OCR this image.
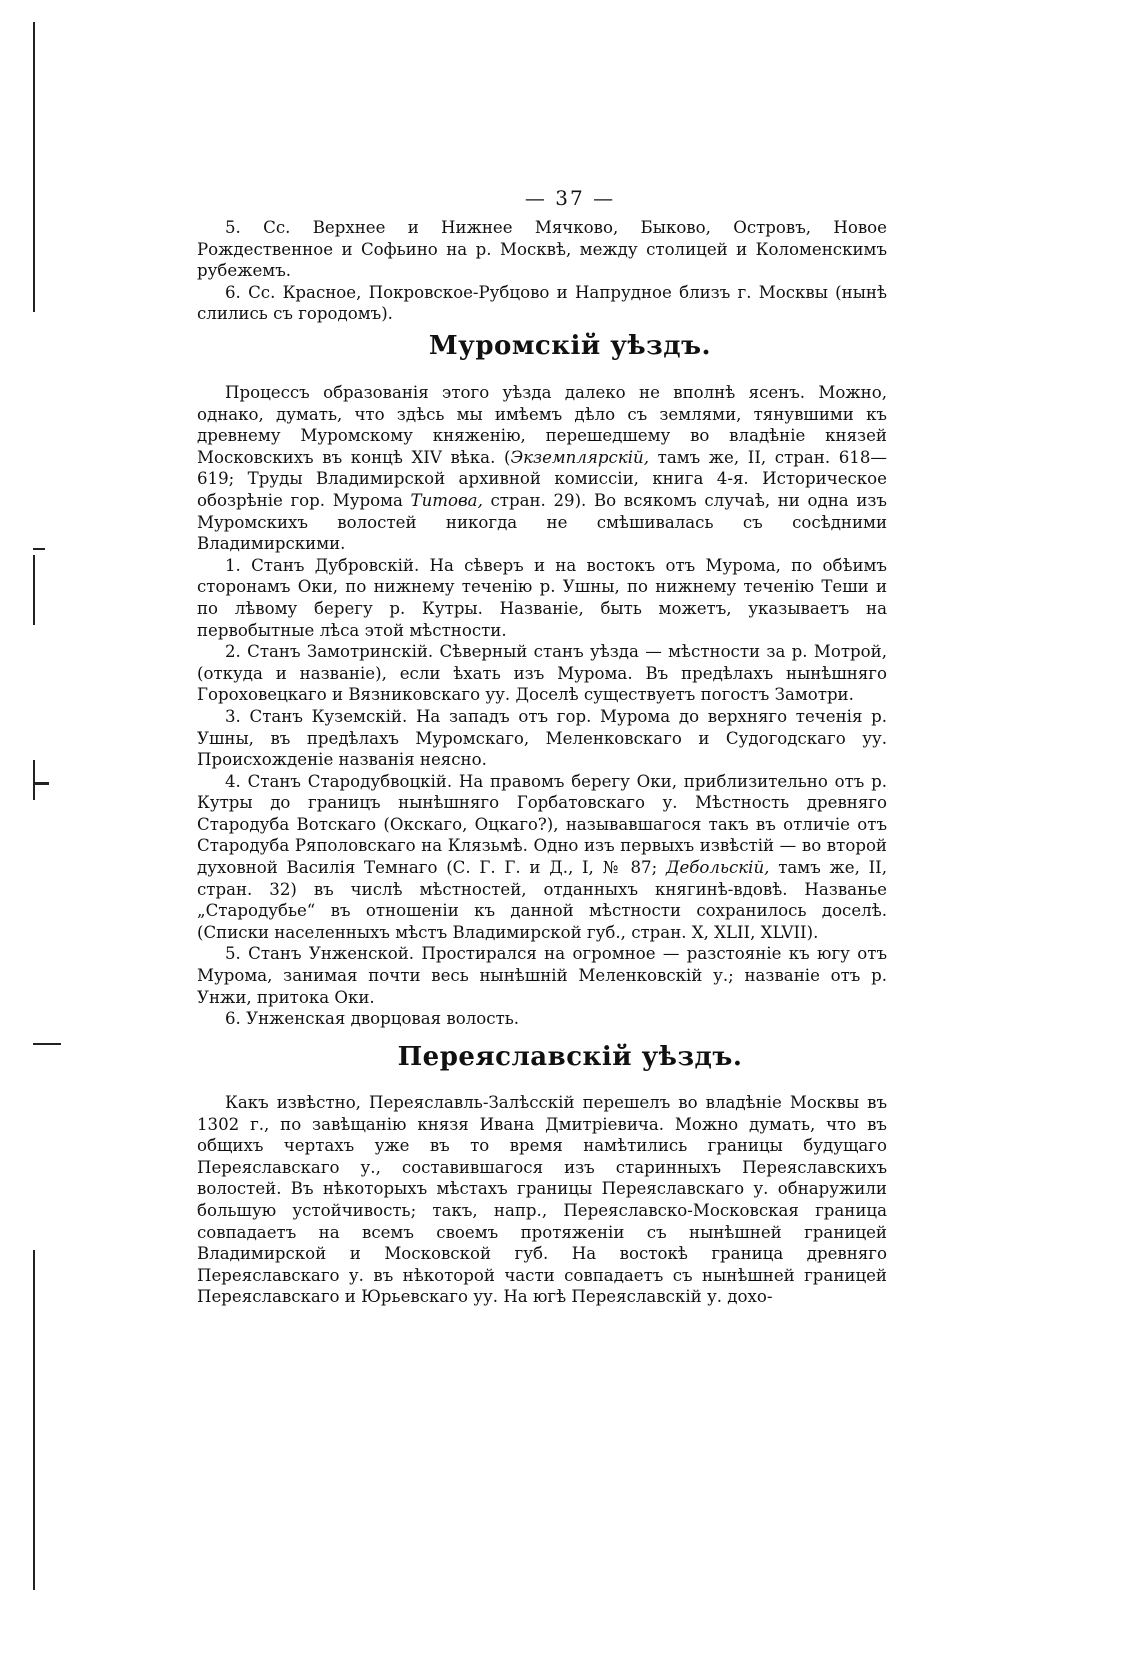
— 37 —

5. Сс. Верхнее и Нижнее Мячково, Быково, Островъ, Новое Рождественное и Софьино на р. Москвѣ, между столицей и Коломенскимъ рубежемъ.

6. Сс. Красное, Покровское-Рубцово и Напрудное близъ г. Москвы (нынѣ слились съ городомъ).

Муромскій уѣздъ.

Процессъ образованія этого уѣзда далеко не вполнѣ ясенъ. Можно, однако, думать, что здѣсь мы имѣемъ дѣло съ землями, тянувшими къ древнему Муромскому княженію, перешедшему во владѣніе князей Московскихъ въ концѣ XIV вѣка. (Экземплярскій, тамъ же, II, стран. 618—619; Труды Владимирской архивной комиссіи, книга 4-я. Историческое обозрѣніе гор. Мурома Титова, стран. 29). Во всякомъ случаѣ, ни одна изъ Муромскихъ волостей никогда не смѣшивалась съ сосѣдними Владимирскими.

1. Станъ Дубровскій. На сѣверъ и на востокъ отъ Мурома, по обѣимъ сторонамъ Оки, по нижнему теченію р. Ушны, по нижнему теченію Теши и по лѣвому берегу р. Кутры. Названіе, быть можетъ, указываетъ на первобытные лѣса этой мѣстности.

2. Станъ Замотринскій. Сѣверный станъ уѣзда — мѣстности за р. Мотрой, (откуда и названіе), если ѣхать изъ Мурома. Въ предѣлахъ нынѣшняго Гороховецкаго и Вязниковскаго уу. Доселѣ существуетъ погостъ Замотри.

3. Станъ Куземскій. На западъ отъ гор. Мурома до верхняго теченія р. Ушны, въ предѣлахъ Муромскаго, Меленковскаго и Судогодскаго уу. Происхожденіе названія неясно.

4. Станъ Стародубвоцкій. На правомъ берегу Оки, приблизительно отъ р. Кутры до границъ нынѣшняго Горбатовскаго у. Мѣстность древняго Стародуба Вотскаго (Окскаго, Оцкаго?), называвшагося такъ въ отличіе отъ Стародуба Ряполовскаго на Клязьмѣ. Одно изъ первыхъ извѣстій — во второй духовной Василія Темнаго (С. Г. Г. и Д., I, № 87; Дебольскій, тамъ же, II, стран. 32) въ числѣ мѣстностей, отданныхъ княгинѣ-вдовѣ. Названье „Стародубье“ въ отношеніи къ данной мѣстности сохранилось доселѣ. (Списки населенныхъ мѣстъ Владимирской губ., стран. X, XLII, XLVII).

5. Станъ Унженской. Простирался на огромное — разстояніе къ югу отъ Мурома, занимая почти весь нынѣшній Меленковскій у.; названіе отъ р. Унжи, притока Оки.

6. Унженская дворцовая волость.

Переяславскій уѣздъ.

Какъ извѣстно, Переяславль-Залѣсскій перешелъ во владѣніе Москвы въ 1302 г., по завѣщанію князя Ивана Дмитріевича. Можно думать, что въ общихъ чертахъ уже въ то время намѣтились границы будущаго Переяславскаго у., составившагося изъ старинныхъ Переяславскихъ волостей. Въ нѣкоторыхъ мѣстахъ границы Переяславскаго у. обнаружили большую устойчивость; такъ, напр., Переяславско-Московская граница совпадаетъ на всемъ своемъ протяженіи съ нынѣшней границей Владимирской и Московской губ. На востокѣ граница древняго Переяславскаго у. въ нѣкоторой части совпадаетъ съ нынѣшней границей Переяславскаго и Юрьевскаго уу. На югѣ Переяславскій у. дохо-
